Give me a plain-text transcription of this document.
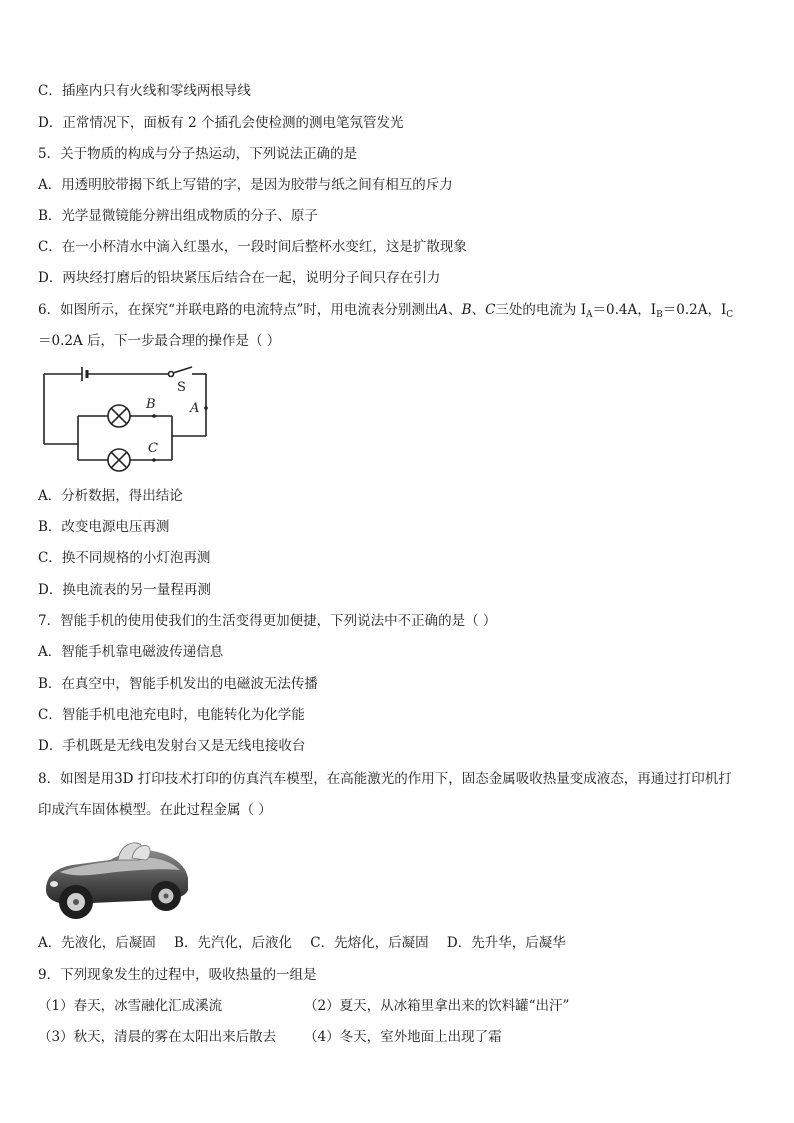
C．插座内只有火线和零线两根导线
D．正常情况下，面板有 2 个插孔会使检测的测电笔氖管发光
5．关于物质的构成与分子热运动，下列说法正确的是
A．用透明胶带揭下纸上写错的字，是因为胶带与纸之间有相互的斥力
B．光学显微镜能分辨出组成物质的分子、原子
C．在一小杯清水中滴入红墨水，一段时间后整杯水变红，这是扩散现象
D．两块经打磨后的铅块紧压后结合在一起，说明分子间只存在引力
6．如图所示，在探究“并联电路的电流特点”时，用电流表分别测出A、B、C三处的电流为 $I_A=0.4A$，$I_B=0.2A$，$I_C$
＝0.2A 后，下一步最合理的操作是（ ）
S
A
B
C
A．分析数据，得出结论
B．改变电源电压再测
C．换不同规格的小灯泡再测
D．换电流表的另一量程再测
7．智能手机的使用使我们的生活变得更加便捷，下列说法中不正确的是（ ）
A．智能手机靠电磁波传递信息
B．在真空中，智能手机发出的电磁波无法传播
C．智能手机电池充电时，电能转化为化学能
D．手机既是无线电发射台又是无线电接收台
8．如图是用3D 打印技术打印的仿真汽车模型，在高能激光的作用下，固态金属吸收热量变成液态，再通过打印机打
印成汽车固体模型。在此过程金属（ ）
A．先液化，后凝固 B．先汽化，后液化 C．先熔化，后凝固 D．先升华，后凝华
9．下列现象发生的过程中，吸收热量的一组是
（1）春天，冰雪融化汇成溪流	（2）夏天，从冰箱里拿出来的饮料罐“出汗”
（3）秋天，清晨的雾在太阳出来后散去 （4）冬天，室外地面上出现了霜
